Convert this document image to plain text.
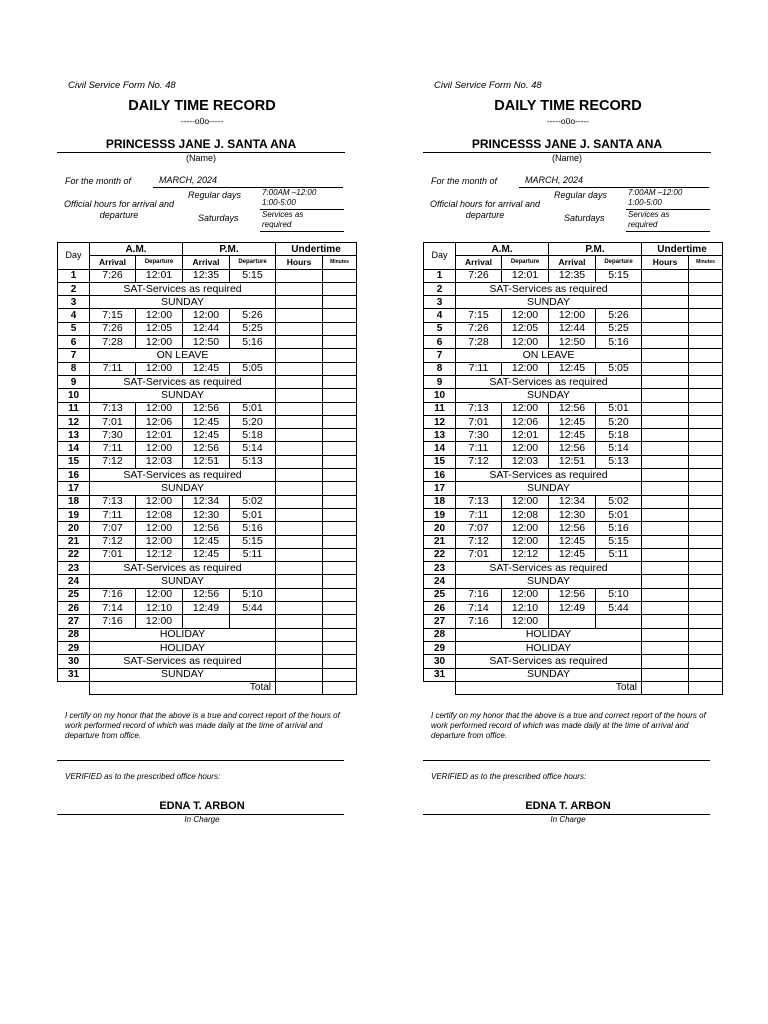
Civil Service Form No. 48
DAILY TIME RECORD
-----o0o-----
PRINCESSS JANE J. SANTA ANA
(Name)
For the month of	MARCH, 2024
Regular days
Official hours for arrival and departure
7:00AM –12:00
1:00-5:00
Saturdays	Services as
required
Day	A.M.		P.M.		Undertime	
	Arrival	Departure	Arrival	Departure	Hours	Minutes
1	7:26	12:01	12:35	5:15		
2	SAT-Services as required					
3	SUNDAY					
4	7:15	12:00	12:00	5:26		
5	7:26	12:05	12:44	5:25		
6	7:28	12:00	12:50	5:16		
7	ON LEAVE					
8	7:11	12:00	12:45	5:05		
9	SAT-Services as required					
10	SUNDAY					
11	7:13	12:00	12:56	5:01		
12	7:01	12:06	12:45	5:20		
13	7:30	12:01	12:45	5:18		
14	7:11	12:00	12:56	5:14		
15	7:12	12:03	12:51	5:13		
16	SAT-Services as required					
17	SUNDAY					
18	7:13	12:00	12:34	5:02		
19	7:11	12:08	12:30	5:01		
20	7:07	12:00	12:56	5:16		
21	7:12	12:00	12:45	5:15		
22	7:01	12:12	12:45	5:11		
23	SAT-Services as required					
24	SUNDAY					
25	7:16	12:00	12:56	5:10		
26	7:14	12:10	12:49	5:44		
27	7:16	12:00				
28	HOLIDAY					
29	HOLIDAY					
30	SAT-Services as required					
31	SUNDAY					
	Total					
I certify on my honor that the above is a true and correct report of the hours of work performed record of which was made daily at the time of arrival and departure from office.
VERIFIED as to the prescribed office hours:
EDNA T. ARBON
In Charge
Civil Service Form No. 48
DAILY TIME RECORD
-----o0o-----
PRINCESSS JANE J. SANTA ANA
(Name)
For the month of	MARCH, 2024
Regular days
Official hours for arrival and departure
7:00AM –12:00
1:00-5:00
Saturdays	Services as
required
Day	A.M.		P.M.		Undertime	
	Arrival	Departure	Arrival	Departure	Hours	Minutes
1	7:26	12:01	12:35	5:15		
2	SAT-Services as required					
3	SUNDAY					
4	7:15	12:00	12:00	5:26		
5	7:26	12:05	12:44	5:25		
6	7:28	12:00	12:50	5:16		
7	ON LEAVE					
8	7:11	12:00	12:45	5:05		
9	SAT-Services as required					
10	SUNDAY					
11	7:13	12:00	12:56	5:01		
12	7:01	12:06	12:45	5:20		
13	7:30	12:01	12:45	5:18		
14	7:11	12:00	12:56	5:14		
15	7:12	12:03	12:51	5:13		
16	SAT-Services as required					
17	SUNDAY					
18	7:13	12:00	12:34	5:02		
19	7:11	12:08	12:30	5:01		
20	7:07	12:00	12:56	5:16		
21	7:12	12:00	12:45	5:15		
22	7:01	12:12	12:45	5:11		
23	SAT-Services as required					
24	SUNDAY					
25	7:16	12:00	12:56	5:10		
26	7:14	12:10	12:49	5:44		
27	7:16	12:00				
28	HOLIDAY					
29	HOLIDAY					
30	SAT-Services as required					
31	SUNDAY					
	Total					
I certify on my honor that the above is a true and correct report of the hours of work performed record of which was made daily at the time of arrival and departure from office.
VERIFIED as to the prescribed office hours:
EDNA T. ARBON
In Charge
